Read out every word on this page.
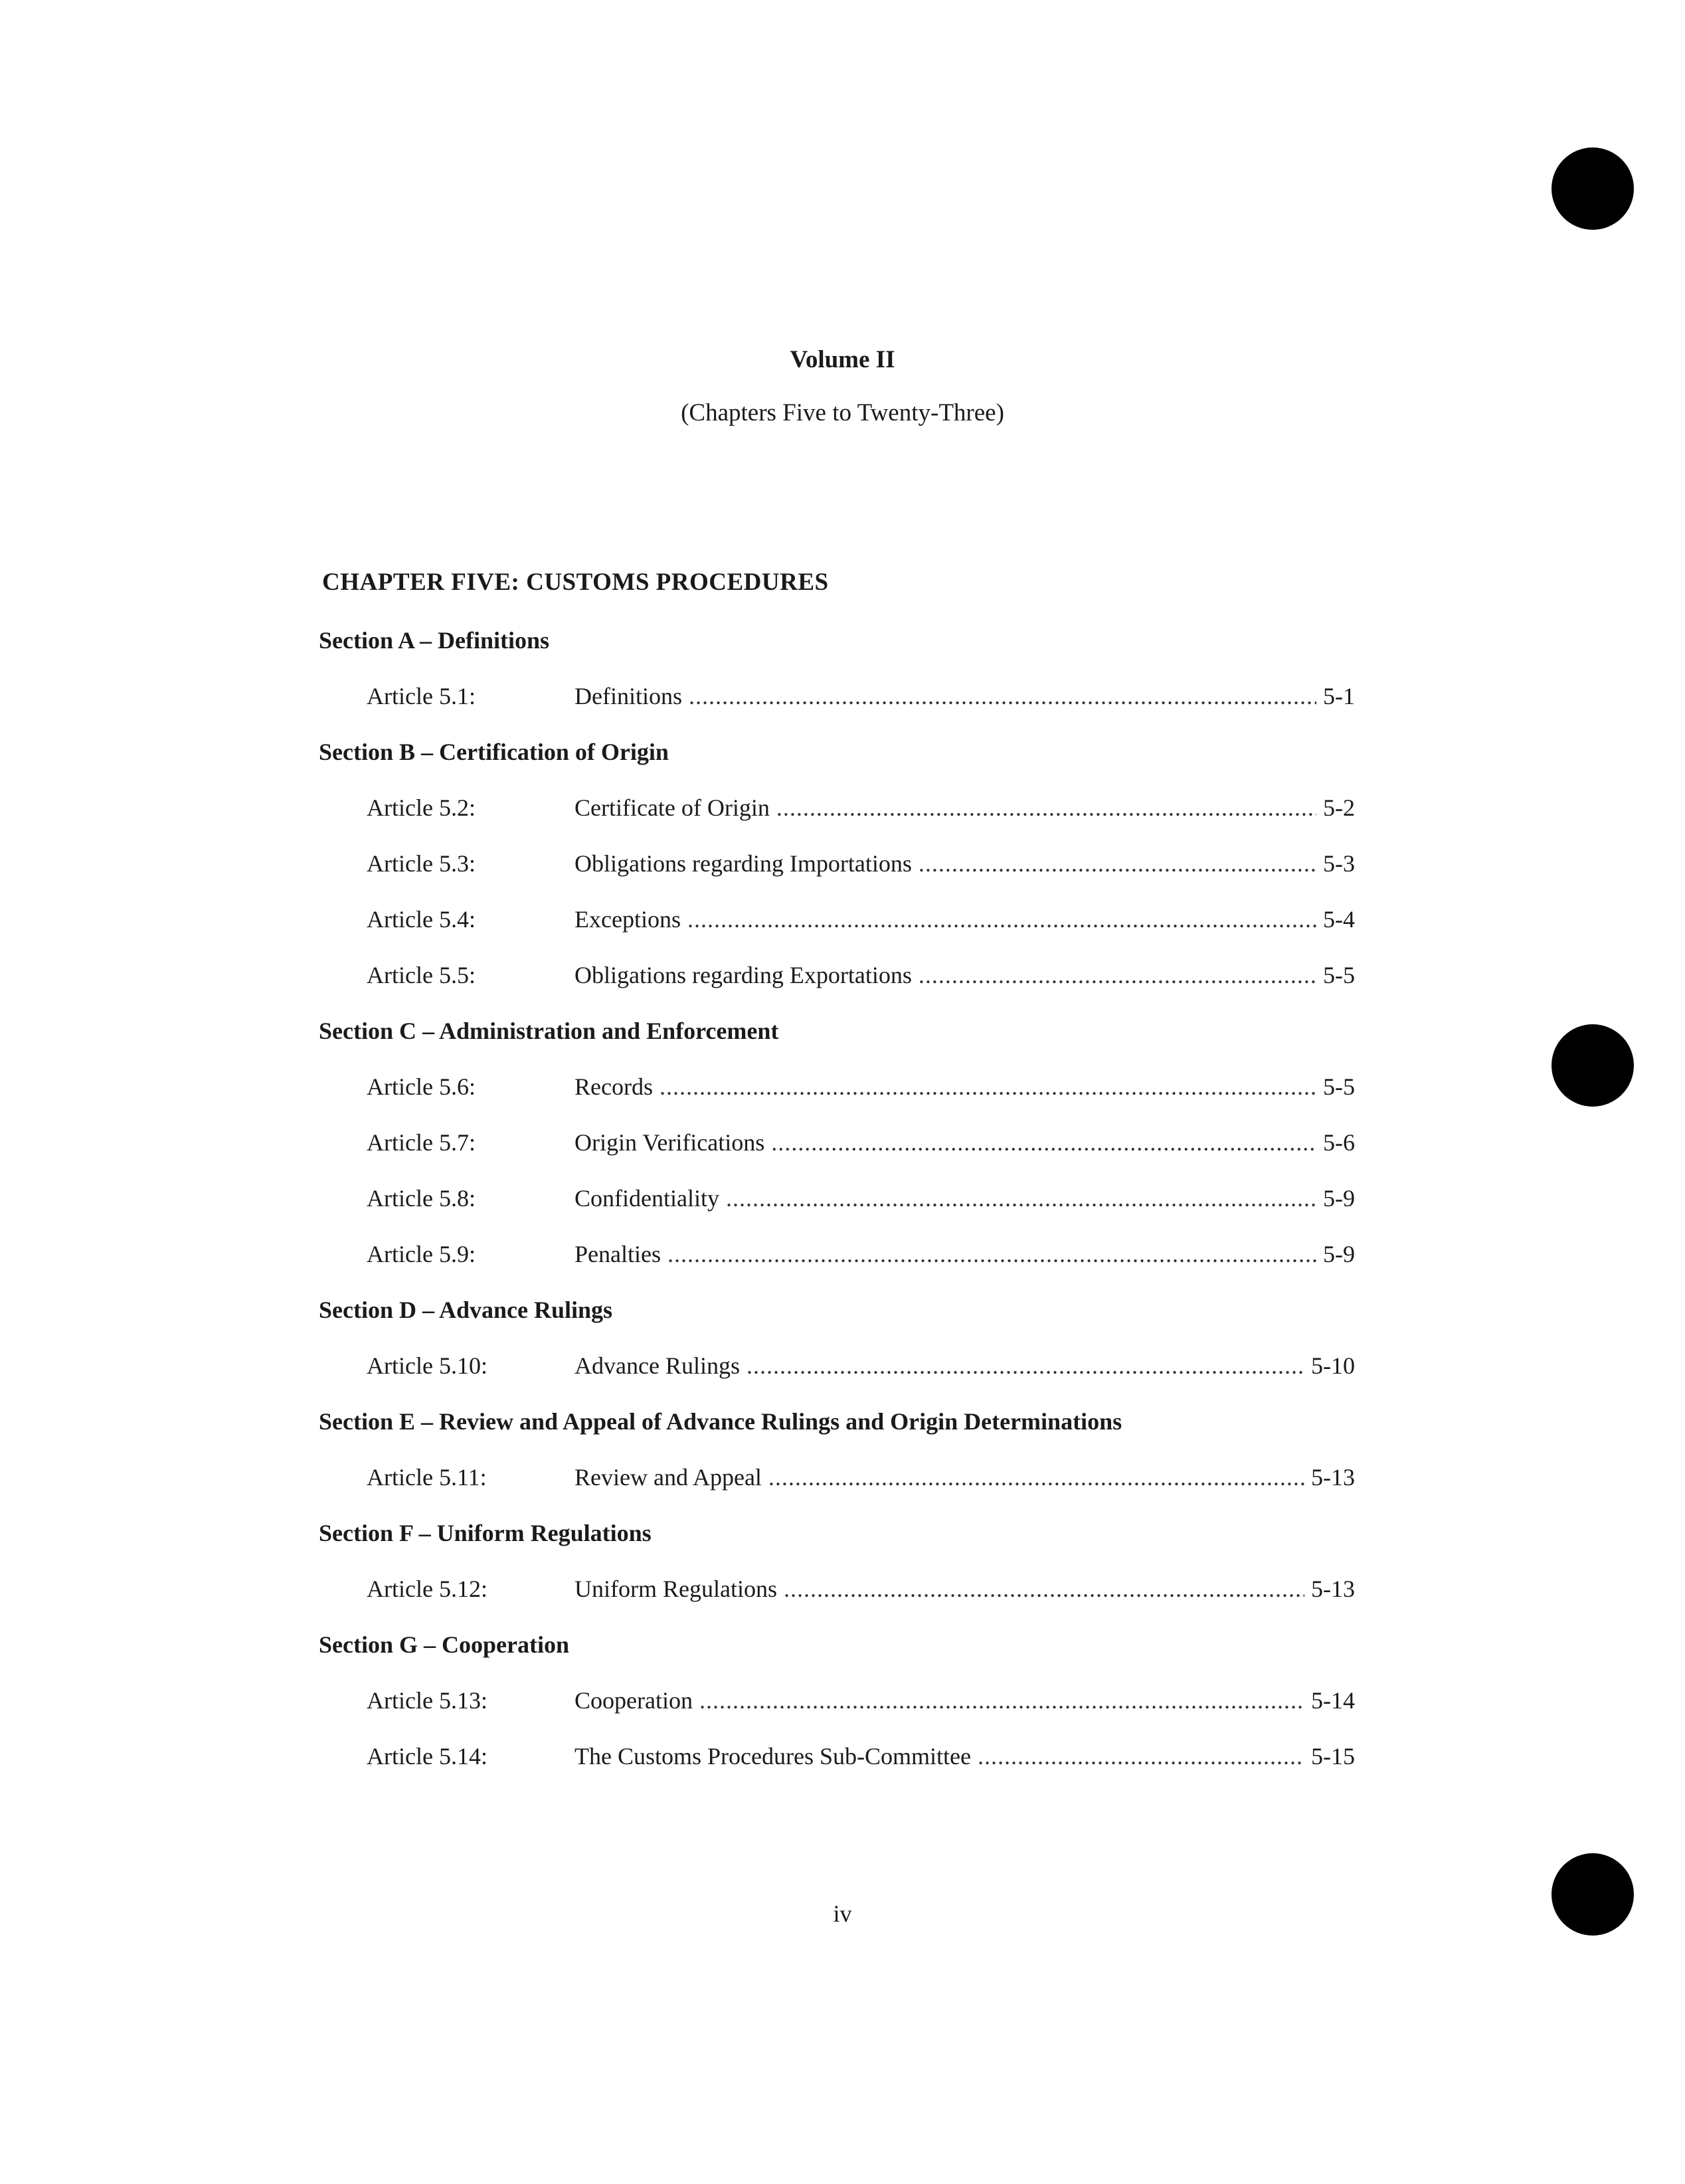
Volume II
(Chapters Five to Twenty-Three)
CHAPTER FIVE: CUSTOMS PROCEDURES
Section A – Definitions
Article 5.1:	Definitions .....	5-1
Section B – Certification of Origin
Article 5.2:	Certificate of Origin .....	5-2
Article 5.3:	Obligations regarding Importations .....	5-3
Article 5.4:	Exceptions .....	5-4
Article 5.5:	Obligations regarding Exportations .....	5-5
Section C – Administration and Enforcement
Article 5.6:	Records .....	5-5
Article 5.7:	Origin Verifications .....	5-6
Article 5.8:	Confidentiality .....	5-9
Article 5.9:	Penalties .....	5-9
Section D – Advance Rulings
Article 5.10:	Advance Rulings .....	5-10
Section E – Review and Appeal of Advance Rulings and Origin Determinations
Article 5.11:	Review and Appeal .....	5-13
Section F – Uniform Regulations
Article 5.12:	Uniform Regulations .....	5-13
Section G – Cooperation
Article 5.13:	Cooperation .....	5-14
Article 5.14:	The Customs Procedures Sub-Committee .....	5-15
iv
